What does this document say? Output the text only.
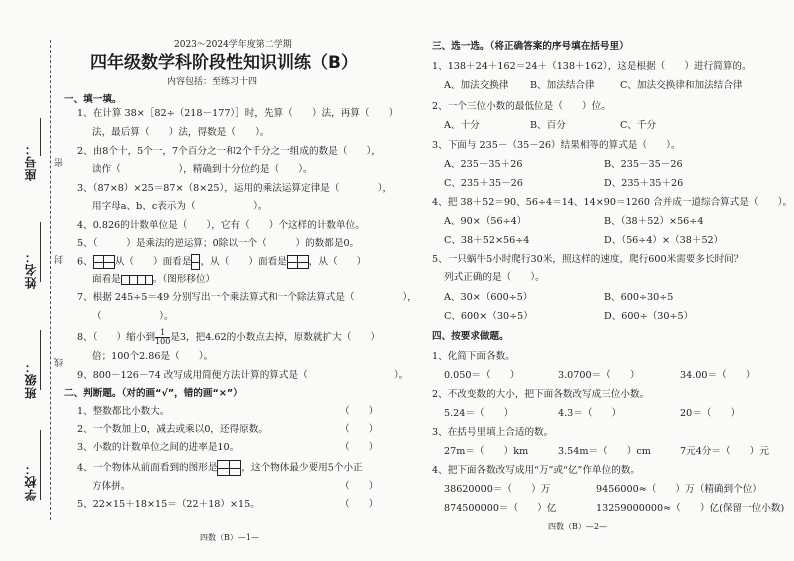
座号：
姓名：
班级：
学校：
密
封
线
2023～2024学年度第二学期
四年级数学科阶段性知识训练（B）
内容包括：至练习十四
一、填一填。
1、在计算 38×［82÷（218－177）］时，先算（　　）法，再算（　　）
法，最后算（　　）法，得数是（　　）。
2、由8个十，5个一，7个百分之一和2个千分之一组成的数是（　　），
读作（　　　　　　），精确到十分位约是（　　）。
3、（87×8）×25＝87×（8×25），运用的乘法运算定律是（　　　　），
用字母a、b、c表示为（　　　　　　）。
4、0.826的计数单位是（　　），它有（　　）个这样的计数单位。
5、（　　　）是乘法的逆运算；0除以一个（　　　）的数都是0。
6、 从（　　）面看是 ，从（　　）面看是 ，从（　　）
面看是	。（图形移位）
7、根据 245÷5＝49 分别写出一个乘法算式和一个除法算式是（　　　　　），
（　　　　　　）。
8、（　　）缩小到 $\frac{1}{100}$ 是3，把4.62的小数点去掉，原数就扩大（　　）
倍；100个2.86是（　　）。
9、800－126－74 改写成用简便方法计算的算式是（　　　　　　　　　）。
二、判断题。（对的画“√”，错的画“×”）
1、整数都比小数大。	（　　）
2、一个数加上0，减去或乘以0，还得原数。	（　　）
3、小数的计数单位之间的进率是10。	（　　）
4、一个物体从前面看到的图形是	，这个物体最少要用5个小正
方体拼。	（　　）
5、22×15＋18×15＝（22＋18）×15。	（　　）
四数（B）—1—
三、选一选。（将正确答案的序号填在括号里）
1、138＋24＋162＝24＋（138＋162），这是根据（　　）进行简算的。
A、加法交换律 B、加法结合律	C、加法交换律和加法结合律
2、一个三位小数的最低位是（　　）位。
A、十分	B、百分	C、千分
3、下面与 235－（35－26）结果相等的算式是（　　）。
A、235－35＋26	B、235－35－26
C、235＋35－26	D、235＋35＋26
4、把 38＋52＝90、56÷4＝14、14×90＝1260 合并成一道综合算式是（　　）。
A、90×（56÷4）	B、（38＋52）×56÷4
C、38＋52×56÷4	D、（56÷4）×（38＋52）
5、一只蜗牛5小时爬行30米，照这样的速度，爬行600米需要多长时间？
列式正确的是（　　）。
A、30×（600÷5）	B、600÷30÷5
C、600×（30÷5）	D、600÷（30÷5）
四、按要求做题。
1、化简下面各数。
0.050＝（　　）	3.0700＝（　　）	34.00＝（　　）
2、不改变数的大小，把下面各数改写成三位小数。
5.24＝（　　）	4.3＝（　　）	20＝（　　）
3、在括号里填上合适的数。
27m＝（　　）km	3.54m＝（　　）cm	7元4分＝（　　）元
4、把下面各数改写成用“万”或“亿”作单位的数。
38620000＝（　　）万	9456000≈（　　）万（精确到个位）
874500000＝（　　）亿	13259000000≈（　　）亿(保留一位小数)
四数（B）—2—
